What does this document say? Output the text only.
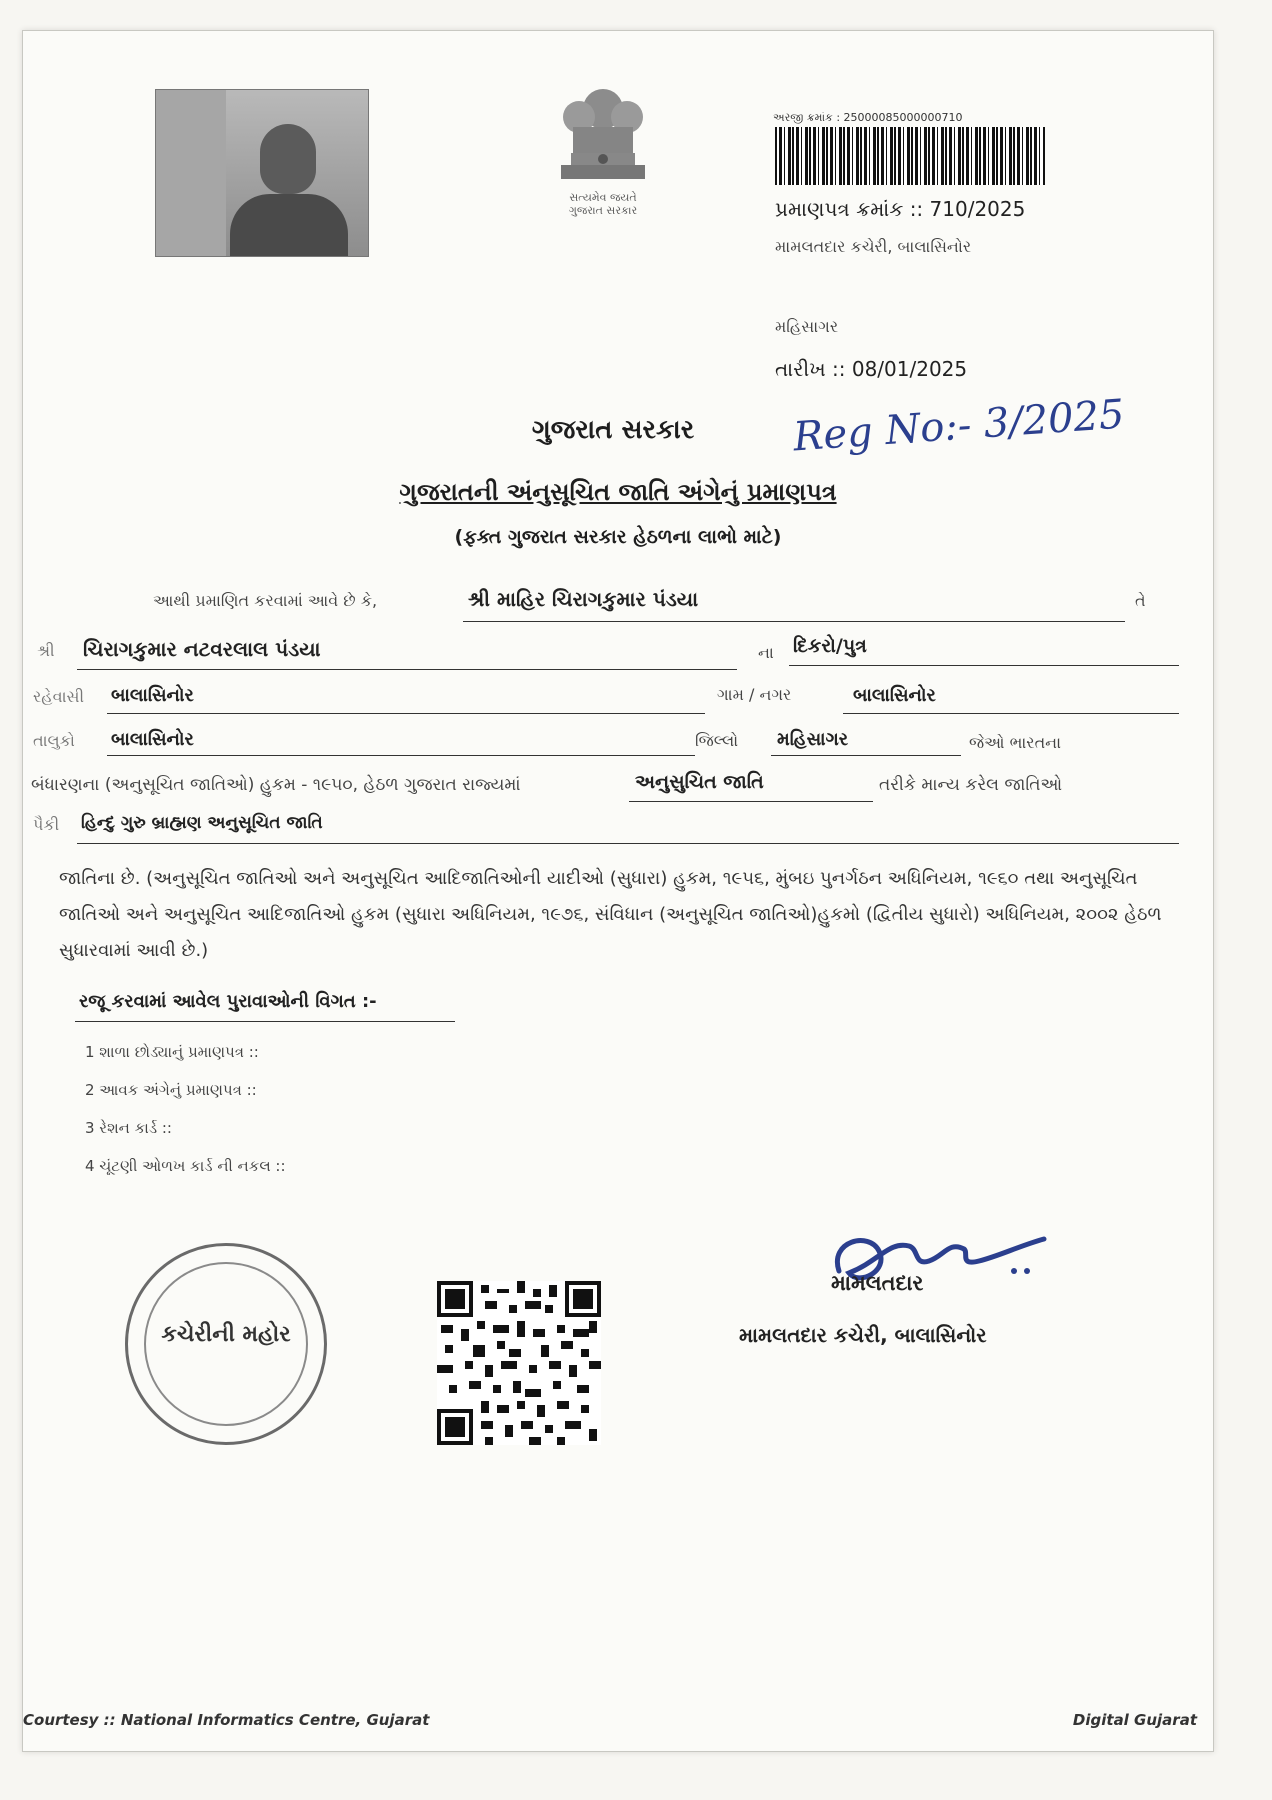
સત્યમેવ જયતે
ગુજરાત સરકાર
અરજી ક્રમાંક : 25000085000000710
પ્રમાણપત્ર ક્રમાંક :: 710/2025
મામલતદાર કચેરી, બાલાસિનોર
મહિસાગર
તારીખ :: 08/01/2025
Reg No:- 3/2025
ગુજરાત સરકાર
ગુજરાતની અંનુસૂચિત જાતિ અંગેનું પ્રમાણપત્ર
(ફક્ત ગુજરાત સરકાર હેઠળના લાભો માટે)
આથી પ્રમાણિત કરવામાં આવે છે કે,	શ્રી માહિર ચિરાગકુમાર પંડયા	તે
શ્રી ચિરાગકુમાર નટવરલાલ પંડયા	ના દિકરો/પુત્ર
રહેવાસી બાલાસિનોર	ગામ / નગર	બાલાસિનોર
તાલુકો બાલાસિનોર	જિલ્લો મહિસાગર	જેઓ ભારતના
બંધારણના (અનુસૂચિત જાતિઓ) હુકમ - ૧૯૫૦, હેઠળ ગુજરાત રાજ્યમાં	અનુસુચિત જાતિ	તરીકે માન્ય કરેલ જાતિઓ
પૈકી હિન્દુ ગુરુ બ્રાહ્મણ અનુસૂચિત જાતિ
જાતિના છે. (અનુસૂચિત જાતિઓ અને અનુસૂચિત આદિજાતિઓની યાદીઓ (સુધારા) હુકમ, ૧૯૫૬, મુંબઇ પુનર્ગઠન અધિનિયમ, ૧૯૬૦ તથા અનુસૂચિત જાતિઓ અને અનુસૂચિત આદિજાતિઓ હુકમ (સુધારા અધિનિયમ, ૧૯૭૬, સંવિધાન (અનુસૂચિત જાતિઓ)હુકમો (દ્વિતીય સુધારો) અધિનિયમ, ૨૦૦૨ હેઠળ સુધારવામાં આવી છે.)
રજૂ કરવામાં આવેલ પુરાવાઓની વિગત :-
1 શાળા છોડ્યાનું પ્રમાણપત્ર ::
2 આવક અંગેનું પ્રમાણપત્ર ::
3 રેશન કાર્ડ ::
4 ચૂંટણી ઓળખ કાર્ડ ની નકલ ::
કચેરીની મહોર
મામલતદાર
મામલતદાર કચેરી, બાલાસિનોર
Courtesy :: National Informatics Centre, Gujarat	Digital Gujarat
